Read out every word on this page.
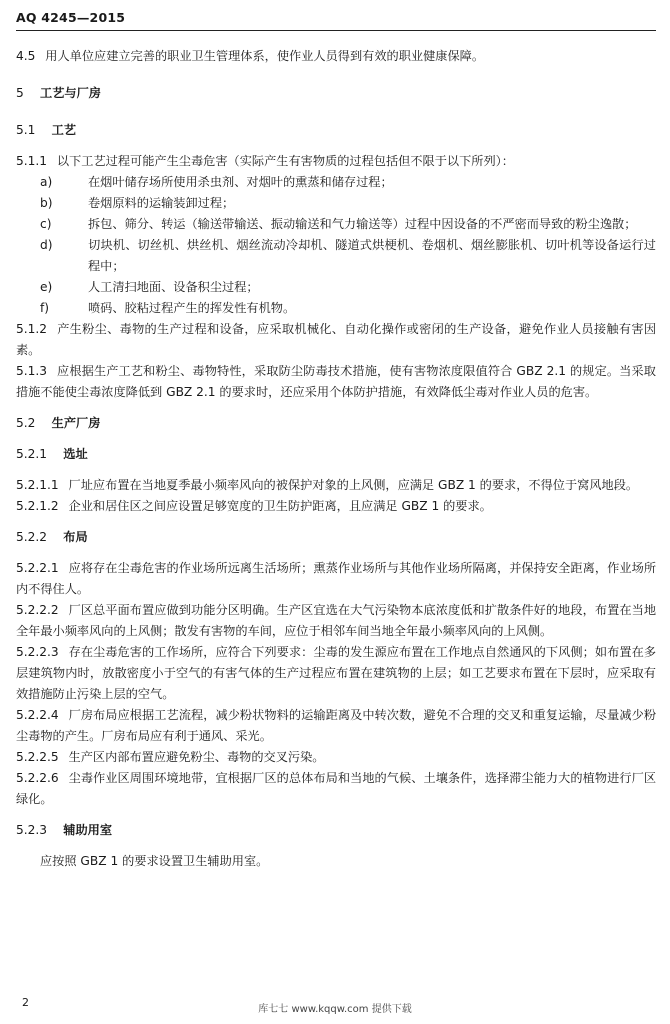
AQ 4245—2015

4.5 用人单位应建立完善的职业卫生管理体系，使作业人员得到有效的职业健康保障。

5 工艺与厂房

5.1 工艺

5.1.1 以下工艺过程可能产生尘毒危害（实际产生有害物质的过程包括但不限于以下所列）：

a)	在烟叶储存场所使用杀虫剂、对烟叶的熏蒸和储存过程；

b)	卷烟原料的运输装卸过程；

c)	拆包、筛分、转运（输送带输送、振动输送和气力输送等）过程中因设备的不严密而导致的粉尘逸散；

d)	切块机、切丝机、烘丝机、烟丝流动冷却机、隧道式烘梗机、卷烟机、烟丝膨胀机、切叶机等设备运行过程中；

e)	人工清扫地面、设备积尘过程；

f)	喷码、胶粘过程产生的挥发性有机物。

5.1.2 产生粉尘、毒物的生产过程和设备，应采取机械化、自动化操作或密闭的生产设备，避免作业人员接触有害因素。

5.1.3 应根据生产工艺和粉尘、毒物特性，采取防尘防毒技术措施，使有害物浓度限值符合 GBZ 2.1 的规定。当采取措施不能使尘毒浓度降低到 GBZ 2.1 的要求时，还应采用个体防护措施，有效降低尘毒对作业人员的危害。

5.2 生产厂房

5.2.1 选址

5.2.1.1 厂址应布置在当地夏季最小频率风向的被保护对象的上风侧，应满足 GBZ 1 的要求，不得位于窝风地段。

5.2.1.2 企业和居住区之间应设置足够宽度的卫生防护距离，且应满足 GBZ 1 的要求。

5.2.2 布局

5.2.2.1 应将存在尘毒危害的作业场所远离生活场所；熏蒸作业场所与其他作业场所隔离，并保持安全距离，作业场所内不得住人。

5.2.2.2 厂区总平面布置应做到功能分区明确。生产区宜选在大气污染物本底浓度低和扩散条件好的地段，布置在当地全年最小频率风向的上风侧；散发有害物的车间，应位于相邻车间当地全年最小频率风向的上风侧。

5.2.2.3 存在尘毒危害的工作场所，应符合下列要求：尘毒的发生源应布置在工作地点自然通风的下风侧；如布置在多层建筑物内时，放散密度小于空气的有害气体的生产过程应布置在建筑物的上层；如工艺要求布置在下层时，应采取有效措施防止污染上层的空气。

5.2.2.4 厂房布局应根据工艺流程，减少粉状物料的运输距离及中转次数，避免不合理的交叉和重复运输，尽量减少粉尘毒物的产生。厂房布局应有利于通风、采光。

5.2.2.5 生产区内部布置应避免粉尘、毒物的交叉污染。

5.2.2.6 尘毒作业区周围环境地带，宜根据厂区的总体布局和当地的气候、土壤条件，选择滞尘能力大的植物进行厂区绿化。

5.2.3 辅助用室

应按照 GBZ 1 的要求设置卫生辅助用室。

2
库七七 www.kqqw.com 提供下载
